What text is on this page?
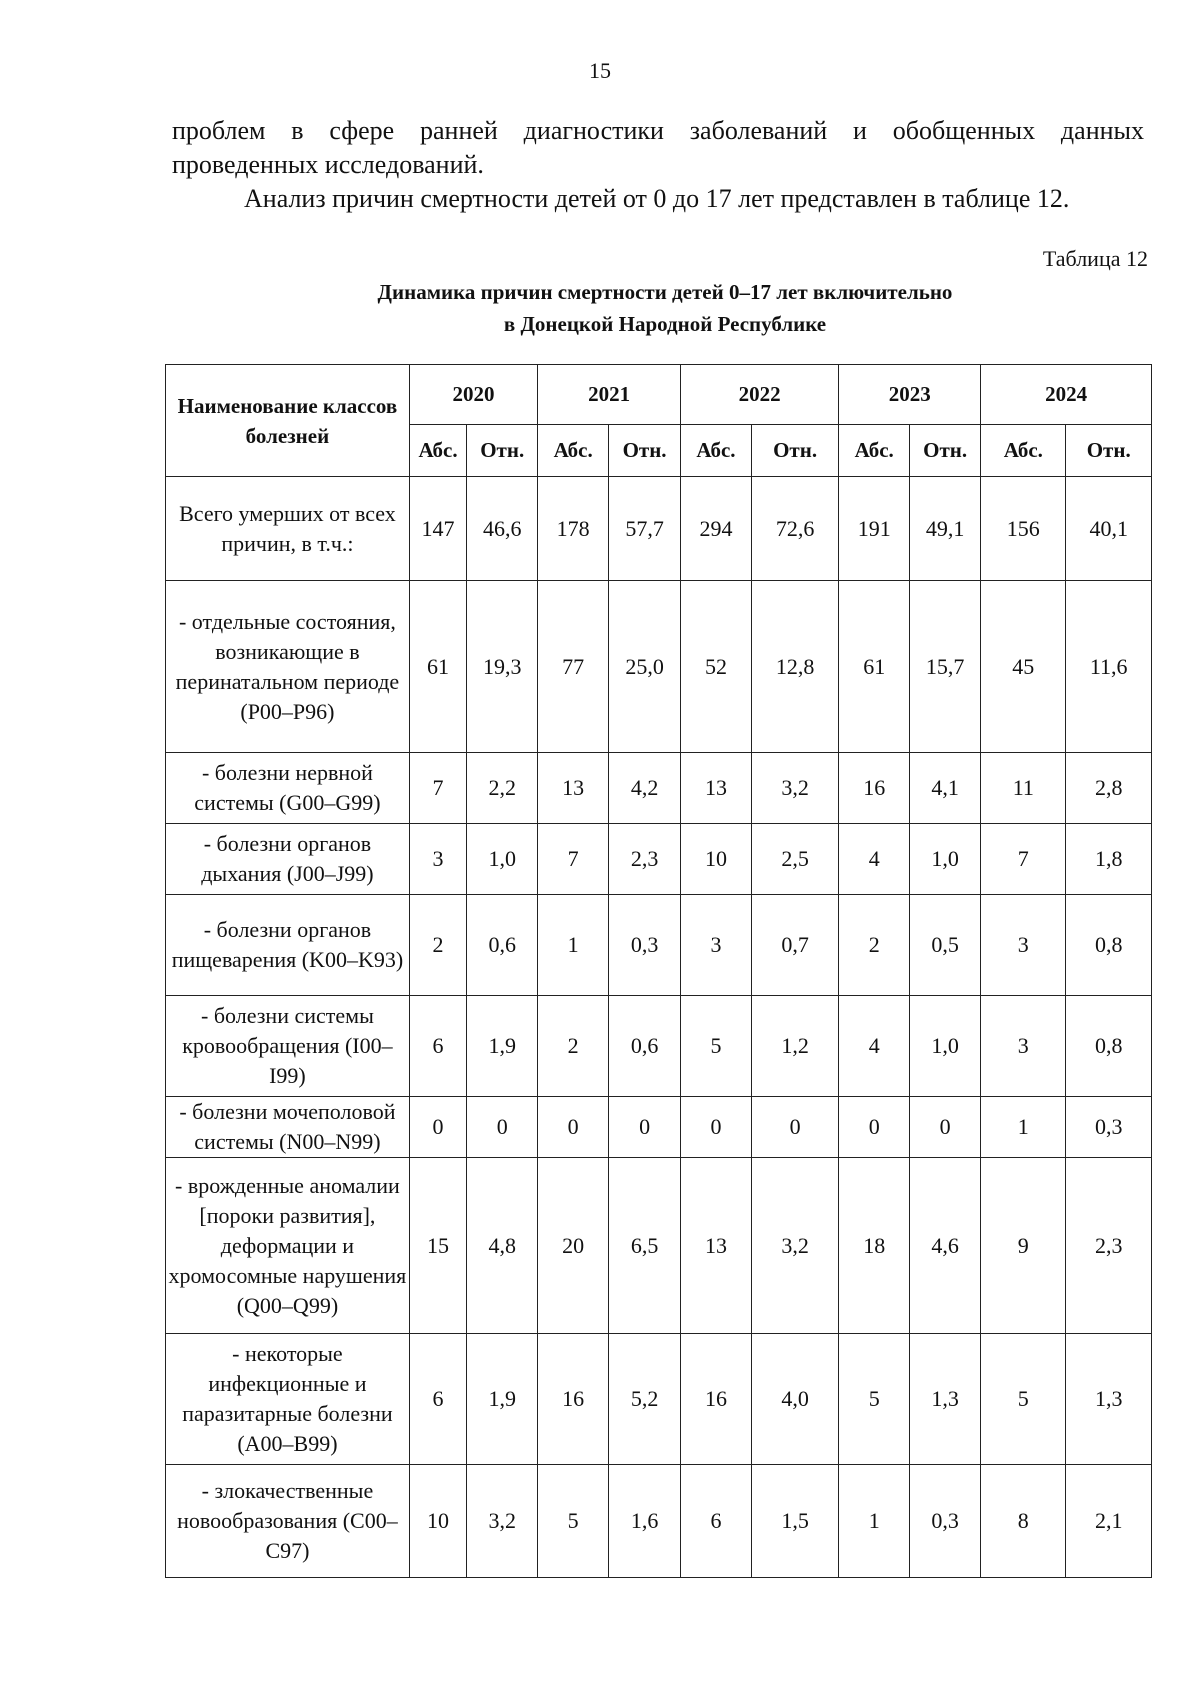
15
проблем в сфере ранней диагностики заболеваний и обобщенных данных
проведенных исследований.
Анализ причин смертности детей от 0 до 17 лет представлен в таблице 12.
Таблица 12
Динамика причин смертности детей 0–17 лет включительно
в Донецкой Народной Республике
Наименование классов болезней	2020		2021		2022		2023		2024	
	Абс.	Отн.	Абс.	Отн.	Абс.	Отн.	Абс.	Отн.	Абс.	Отн.
Всего умерших от всех причин, в т.ч.:	147	46,6	178	57,7	294	72,6	191	49,1	156	40,1
- отдельные состояния, возникающие в перинатальном периоде (P00–P96)	61	19,3	77	25,0	52	12,8	61	15,7	45	11,6
- болезни нервной системы (G00–G99)	7	2,2	13	4,2	13	3,2	16	4,1	11	2,8
- болезни органов дыхания (J00–J99)	3	1,0	7	2,3	10	2,5	4	1,0	7	1,8
- болезни органов пищеварения (K00–K93)	2	0,6	1	0,3	3	0,7	2	0,5	3	0,8
- болезни системы кровообращения (I00–I99)	6	1,9	2	0,6	5	1,2	4	1,0	3	0,8
- болезни мочеполовой системы (N00–N99)	0	0	0	0	0	0	0	0	1	0,3
- врожденные аномалии [пороки развития], деформации и хромосомные нарушения (Q00–Q99)	15	4,8	20	6,5	13	3,2	18	4,6	9	2,3
- некоторые инфекционные и паразитарные болезни (A00–B99)	6	1,9	16	5,2	16	4,0	5	1,3	5	1,3
- злокачественные новообразования (C00–C97)	10	3,2	5	1,6	6	1,5	1	0,3	8	2,1
